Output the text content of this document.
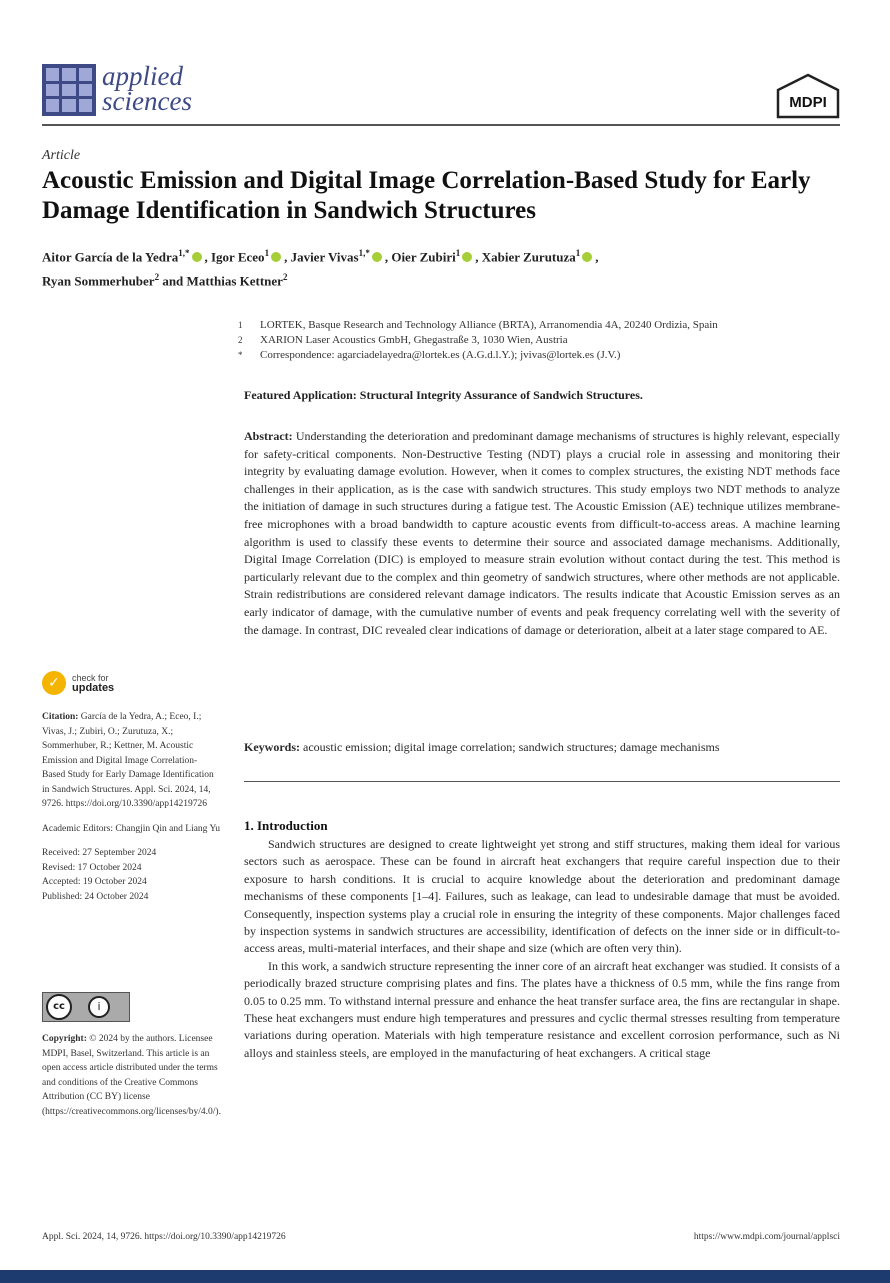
applied
sciences	MDPI
Article
Acoustic Emission and Digital Image Correlation-Based Study for Early Damage Identification in Sandwich Structures
Aitor García de la Yedra$^{1,*}$ , Igor Eceo$^1$ , Javier Vivas$^{1,*}$ , Oier Zubiri$^1$ , Xabier Zurutuza$^1$ ,
Ryan Sommerhuber$^2$ and Matthias Kettner$^2$
1	LORTEK, Basque Research and Technology Alliance (BRTA), Arranomendia 4A, 20240 Ordizia, Spain
2	XARION Laser Acoustics GmbH, Ghegastraße 3, 1030 Wien, Austria
*	Correspondence: agarciadelayedra@lortek.es (A.G.d.l.Y.); jvivas@lortek.es (J.V.)
Featured Application: Structural Integrity Assurance of Sandwich Structures.
Abstract: Understanding the deterioration and predominant damage mechanisms of structures is highly relevant, especially for safety-critical components. Non-Destructive Testing (NDT) plays a crucial role in assessing and monitoring their integrity by evaluating damage evolution. However, when it comes to complex structures, the existing NDT methods face challenges in their application, as is the case with sandwich structures. This study employs two NDT methods to analyze the initiation of damage in such structures during a fatigue test. The Acoustic Emission (AE) technique utilizes membrane-free microphones with a broad bandwidth to capture acoustic events from difficult-to-access areas. A machine learning algorithm is used to classify these events to determine their source and associated damage mechanisms. Additionally, Digital Image Correlation (DIC) is employed to measure strain evolution without contact during the test. This method is particularly relevant due to the complex and thin geometry of sandwich structures, where other methods are not applicable. Strain redistributions are considered relevant damage indicators. The results indicate that Acoustic Emission serves as an early indicator of damage, with the cumulative number of events and peak frequency correlating well with the severity of the damage. In contrast, DIC revealed clear indications of damage or deterioration, albeit at a later stage compared to AE.
Keywords: acoustic emission; digital image correlation; sandwich structures; damage mechanisms
1. Introduction

Sandwich structures are designed to create lightweight yet strong and stiff structures, making them ideal for various sectors such as aerospace. These can be found in aircraft heat exchangers that require careful inspection due to their exposure to harsh conditions. It is crucial to acquire knowledge about the deterioration and predominant damage mechanisms of these components [1–4]. Failures, such as leakage, can lead to undesirable damage that must be avoided. Consequently, inspection systems play a crucial role in ensuring the integrity of these components. Major challenges faced by inspection systems in sandwich structures are accessibility, identification of defects on the inner side or in difficult-to-access areas, multi-material interfaces, and their shape and size (which are often very thin).

In this work, a sandwich structure representing the inner core of an aircraft heat exchanger was studied. It consists of a periodically brazed structure comprising plates and fins. The plates have a thickness of 0.5 mm, while the fins range from 0.05 to 0.25 mm. To withstand internal pressure and enhance the heat transfer surface area, the fins are rectangular in shape. These heat exchangers must endure high temperatures and pressures and cyclic thermal stresses resulting from temperature variations during operation. Materials with high temperature resistance and excellent corrosion performance, such as Ni alloys and stainless steels, are employed in the manufacturing of heat exchangers. A critical stage

✓	check for
updates

Citation: García de la Yedra, A.; Eceo, I.; Vivas, J.; Zubiri, O.; Zurutuza, X.; Sommerhuber, R.; Kettner, M. Acoustic Emission and Digital Image Correlation-Based Study for Early Damage Identification in Sandwich Structures. Appl. Sci. 2024, 14, 9726. https://doi.org/10.3390/app14219726

Academic Editors: Changjin Qin and Liang Yu

Received: 27 September 2024
Revised: 17 October 2024
Accepted: 19 October 2024
Published: 24 October 2024
cc	i
Copyright: © 2024 by the authors. Licensee MDPI, Basel, Switzerland. This article is an open access article distributed under the terms and conditions of the Creative Commons Attribution (CC BY) license (https://creativecommons.org/licenses/by/4.0/).
Appl. Sci. 2024, 14, 9726. https://doi.org/10.3390/app14219726	https://www.mdpi.com/journal/applsci
